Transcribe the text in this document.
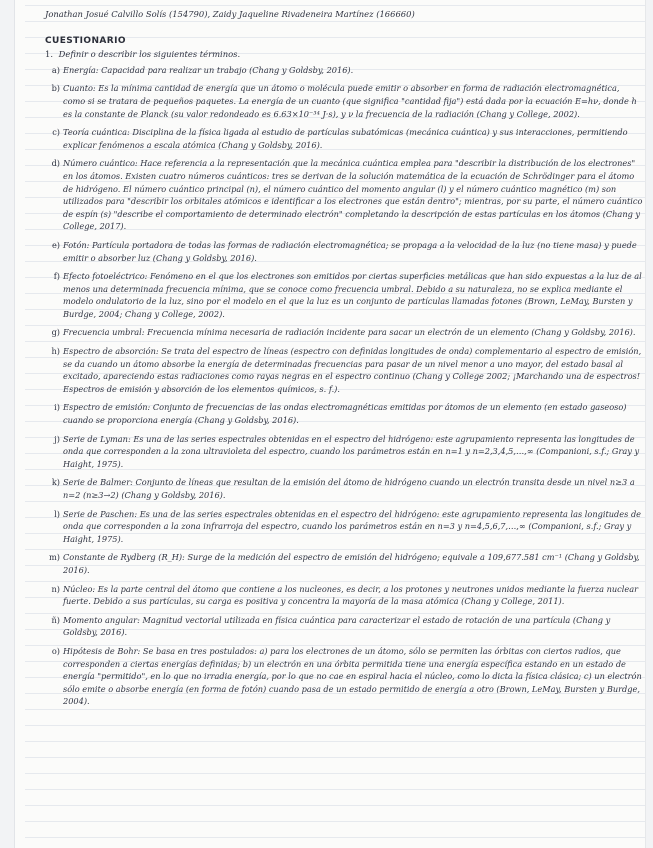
Jonathan Josué Calvillo Solís (154790), Zaidy Jaqueline Rivadeneira Martínez (166660)
CUESTIONARIO
1. Definir o describir los siguientes términos.
a) Energía: Capacidad para realizar un trabajo (Chang y Goldsby, 2016).
b) Cuanto: Es la mínima cantidad de energía que un átomo o molécula puede emitir o absorber en forma de radiación electromagnética, como si se tratara de pequeños paquetes. La energía de un cuanto (que significa "cantidad fija") está dada por la ecuación E=hν, donde h es la constante de Planck (su valor redondeado es 6.63×10⁻³⁴ J·s), y ν la frecuencia de la radiación (Chang y College, 2002).
c) Teoría cuántica: Disciplina de la física ligada al estudio de partículas subatómicas (mecánica cuántica) y sus interacciones, permitiendo explicar fenómenos a escala atómica (Chang y Goldsby, 2016).
d) Número cuántico: Hace referencia a la representación que la mecánica cuántica emplea para "describir la distribución de los electrones" en los átomos. Existen cuatro números cuánticos: tres se derivan de la solución matemática de la ecuación de Schrödinger para el átomo de hidrógeno. El número cuántico principal (n), el número cuántico del momento angular (l) y el número cuántico magnético (m) son utilizados para "describir los orbitales atómicos e identificar a los electrones que están dentro"; mientras, por su parte, el número cuántico de espín (s) "describe el comportamiento de determinado electrón" completando la descripción de estas partículas en los átomos (Chang y College, 2017).
e) Fotón: Partícula portadora de todas las formas de radiación electromagnética; se propaga a la velocidad de la luz (no tiene masa) y puede emitir o absorber luz (Chang y Goldsby, 2016).
f) Efecto fotoeléctrico: Fenómeno en el que los electrones son emitidos por ciertas superficies metálicas que han sido expuestas a la luz de al menos una determinada frecuencia mínima, que se conoce como frecuencia umbral. Debido a su naturaleza, no se explica mediante el modelo ondulatorio de la luz, sino por el modelo en el que la luz es un conjunto de partículas llamadas fotones (Brown, LeMay, Bursten y Burdge, 2004; Chang y College, 2002).
g) Frecuencia umbral: Frecuencia mínima necesaria de radiación incidente para sacar un electrón de un elemento (Chang y Goldsby, 2016).
h) Espectro de absorción: Se trata del espectro de líneas (espectro con definidas longitudes de onda) complementario al espectro de emisión, se da cuando un átomo absorbe la energía de determinadas frecuencias para pasar de un nivel menor a uno mayor, del estado basal al excitado, apareciendo estas radiaciones como rayas negras en el espectro continuo (Chang y College 2002; ¡Marchando una de espectros! Espectros de emisión y absorción de los elementos químicos, s. f.).
i) Espectro de emisión: Conjunto de frecuencias de las ondas electromagnéticas emitidas por átomos de un elemento (en estado gaseoso) cuando se proporciona energía (Chang y Goldsby, 2016).
j) Serie de Lyman: Es una de las series espectrales obtenidas en el espectro del hidrógeno: este agrupamiento representa las longitudes de onda que corresponden a la zona ultravioleta del espectro, cuando los parámetros están en n=1 y n=2,3,4,5,…,∞ (Companioni, s.f.; Gray y Haight, 1975).
k) Serie de Balmer: Conjunto de líneas que resultan de la emisión del átomo de hidrógeno cuando un electrón transita desde un nivel n≥3 a n=2 (n≥3→2) (Chang y Goldsby, 2016).
l) Serie de Paschen: Es una de las series espectrales obtenidas en el espectro del hidrógeno: este agrupamiento representa las longitudes de onda que corresponden a la zona infrarroja del espectro, cuando los parámetros están en n=3 y n=4,5,6,7,…,∞ (Companioni, s.f.; Gray y Haight, 1975).
m) Constante de Rydberg (R_H): Surge de la medición del espectro de emisión del hidrógeno; equivale a 109,677.581 cm⁻¹ (Chang y Goldsby, 2016).
n) Núcleo: Es la parte central del átomo que contiene a los nucleones, es decir, a los protones y neutrones unidos mediante la fuerza nuclear fuerte. Debido a sus partículas, su carga es positiva y concentra la mayoría de la masa atómica (Chang y College, 2011).
ñ) Momento angular: Magnitud vectorial utilizada en física cuántica para caracterizar el estado de rotación de una partícula (Chang y Goldsby, 2016).
o) Hipótesis de Bohr: Se basa en tres postulados: a) para los electrones de un átomo, sólo se permiten las órbitas con ciertos radios, que corresponden a ciertas energías definidas; b) un electrón en una órbita permitida tiene una energía específica estando en un estado de energía "permitido", en lo que no irradia energía, por lo que no cae en espiral hacia el núcleo, como lo dicta la física clásica; c) un electrón sólo emite o absorbe energía (en forma de fotón) cuando pasa de un estado permitido de energía a otro (Brown, LeMay, Bursten y Burdge, 2004).
